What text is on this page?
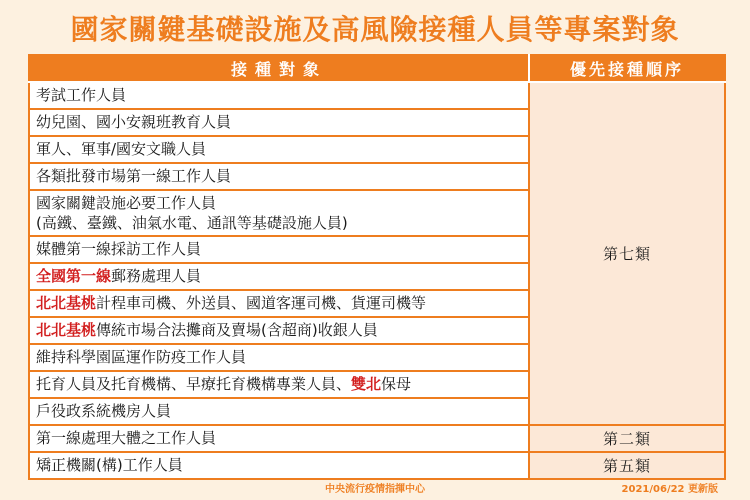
國家關鍵基礎設施及高風險接種人員等專案對象
接種對象	優先接種順序

考試工作人員	第七類

幼兒園、國小安親班教育人員	

軍人、軍事/國安文職人員	

各類批發市場第一線工作人員	

國家關鍵設施必要工作人員
(高鐵、臺鐵、油氣水電、通訊等基礎設施人員)	

媒體第一線採訪工作人員	

全國第一線郵務處理人員	

北北基桃計程車司機、外送員、國道客運司機、貨運司機等	

北北基桃傳統市場合法攤商及賣場(含超商)收銀人員	

維持科學園區運作防疫工作人員	

托育人員及托育機構、早療托育機構專業人員、雙北保母	

戶役政系統機房人員	

第一線處理大體之工作人員	第二類

矯正機關(構)工作人員	第五類
中央流行疫情指揮中心	2021/06/22 更新版
